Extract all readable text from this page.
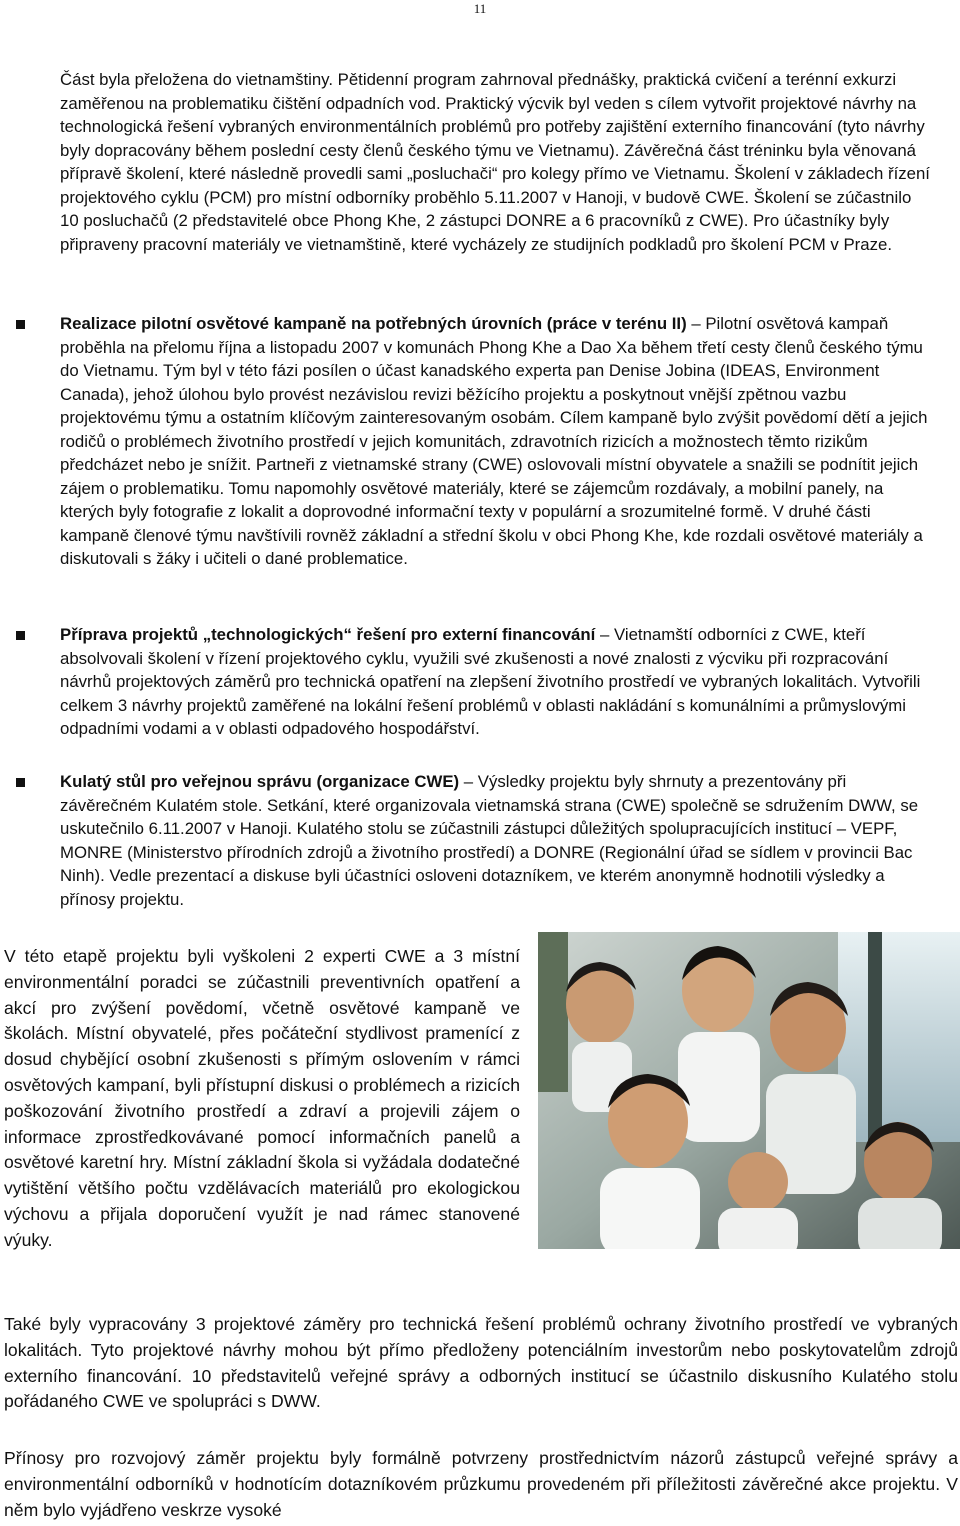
11

Část byla přeložena do vietnamštiny. Pětidenní program zahrnoval přednášky, praktická cvičení a terénní exkurzi zaměřenou na problematiku čištění odpadních vod. Praktický výcvik byl veden s cílem vytvořit projektové návrhy na technologická řešení vybraných environmentálních problémů pro potřeby zajištění externího financování (tyto návrhy byly dopracovány během poslední cesty členů českého týmu ve Vietnamu). Závěrečná část tréninku byla věnovaná přípravě školení, které následně provedli sami „posluchači“ pro kolegy přímo ve Vietnamu. Školení v základech řízení projektového cyklu (PCM) pro místní odborníky proběhlo 5.11.2007 v Hanoji, v budově CWE. Školení se zúčastnilo 10 posluchačů (2 představitelé obce Phong Khe, 2 zástupci DONRE a 6 pracovníků z CWE). Pro účastníky byly připraveny pracovní materiály ve vietnamštině, které vycházely ze studijních podkladů pro školení PCM v Praze.

Realizace pilotní osvětové kampaně na potřebných úrovních (práce v terénu II) – Pilotní osvětová kampaň proběhla na přelomu října a listopadu 2007 v komunách Phong Khe a Dao Xa během třetí cesty členů českého týmu do Vietnamu. Tým byl v této fázi posílen o účast kanadského experta pan Denise Jobina (IDEAS, Environment Canada), jehož úlohou bylo provést nezávislou revizi běžícího projektu a poskytnout vnější zpětnou vazbu projektovému týmu a ostatním klíčovým zainteresovaným osobám. Cílem kampaně bylo zvýšit povědomí dětí a jejich rodičů o problémech životního prostředí v jejich komunitách, zdravotních rizicích a možnostech těmto rizikům předcházet nebo je snížit. Partneři z vietnamské strany (CWE) oslovovali místní obyvatele a snažili se podnítit jejich zájem o problematiku. Tomu napomohly osvětové materiály, které se zájemcům rozdávaly, a mobilní panely, na kterých byly fotografie z lokalit a doprovodné informační texty v populární a srozumitelné formě. V druhé části kampaně členové týmu navštívili rovněž základní a střední školu v obci Phong Khe, kde rozdali osvětové materiály a diskutovali s žáky i učiteli o dané problematice.
Příprava projektů „technologických“ řešení pro externí financování – Vietnamští odborníci z CWE, kteří absolvovali školení v řízení projektového cyklu, využili své zkušenosti a nové znalosti z výcviku při rozpracování návrhů projektových záměrů pro technická opatření na zlepšení životního prostředí ve vybraných lokalitách. Vytvořili celkem 3 návrhy projektů zaměřené na lokální řešení problémů v oblasti nakládání s komunálními a průmyslovými odpadními vodami a v oblasti odpadového hospodářství.
Kulatý stůl pro veřejnou správu (organizace CWE) – Výsledky projektu byly shrnuty a prezentovány při závěrečném Kulatém stole. Setkání, které organizovala vietnamská strana (CWE) společně se sdružením DWW, se uskutečnilo 6.11.2007 v Hanoji. Kulatého stolu se zúčastnili zástupci důležitých spolupracujících institucí – VEPF, MONRE (Ministerstvo přírodních zdrojů a životního prostředí) a DONRE (Regionální úřad se sídlem v provincii Bac Ninh). Vedle prezentací a diskuse byli účastníci osloveni dotazníkem, ve kterém anonymně hodnotili výsledky a přínosy projektu.

V této etapě projektu byli vyškoleni 2 experti CWE a 3 místní environmentální poradci se zúčastnili preventivních opatření a akcí pro zvýšení povědomí, včetně osvětové kampaně ve školách. Místní obyvatelé, přes počáteční stydlivost pramenící z dosud chybějící osobní zkušenosti s přímým oslovením v rámci osvětových kampaní, byli přístupní diskusi o problémech a rizicích poškozování životního prostředí a zdraví a projevili zájem o informace zprostředkovávané pomocí informačních panelů a osvětové karetní hry. Místní základní škola si vyžádala dodatečné vytištění většího počtu vzdělávacích materiálů pro ekologickou výchovu a přijala doporučení využít je nad rámec stanovené výuky.

Také byly vypracovány 3 projektové záměry pro technická řešení problémů ochrany životního prostředí ve vybraných lokalitách. Tyto projektové návrhy mohou být přímo předloženy potenciálním investorům nebo poskytovatelům zdrojů externího financování. 10 představitelů veřejné správy a odborných institucí se účastnilo diskusního Kulatého stolu pořádaného CWE ve spolupráci s DWW.

Přínosy pro rozvojový záměr projektu byly formálně potvrzeny prostřednictvím názorů zástupců veřejné správy a environmentální odborníků v hodnotícím dotazníkovém průzkumu provedeném při příležitosti závěrečné akce projektu. V něm bylo vyjádřeno veskrze vysoké
